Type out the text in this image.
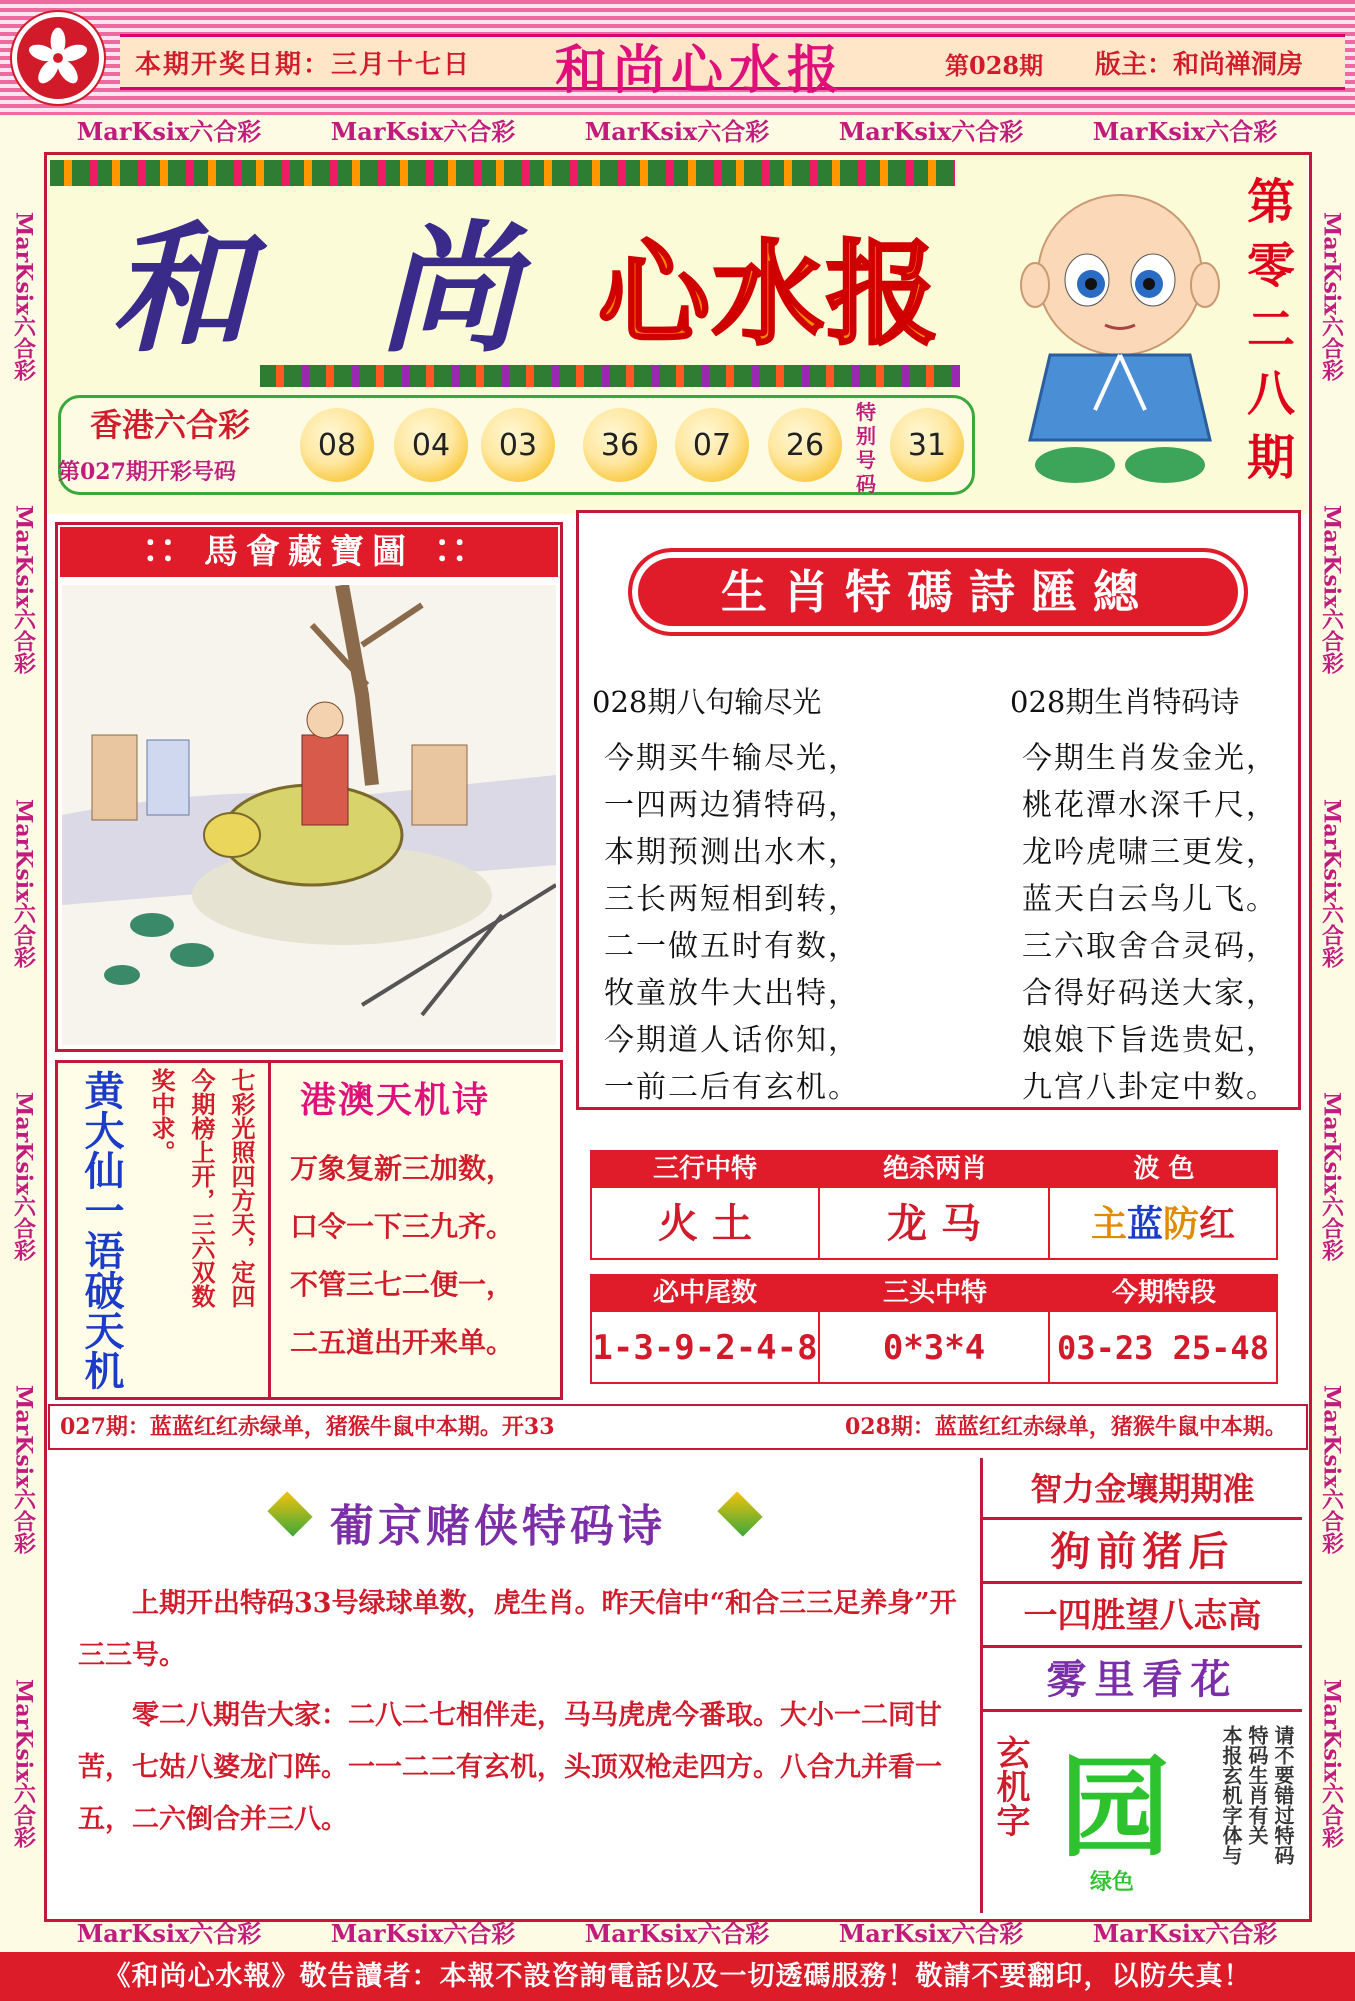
本期开奖日期：三月十七日 和尚心水报	第028期 版主：和尚禅洞房
MarKsix六合彩	MarKsix六合彩	MarKsix六合彩	MarKsix六合彩	MarKsix六合彩
MarKsix六合彩
MarKsix六合彩
MarKsix六合彩
MarKsix六合彩
MarKsix六合彩
MarKsix六合彩
MarKsix六合彩
MarKsix六合彩
MarKsix六合彩
MarKsix六合彩
MarKsix六合彩
MarKsix六合彩
和 尚 心水报
第零二八期
香港六合彩
第027期开彩号码
08	04	03	36	07	26
特别号码
31
∷ 馬會藏寶圖 ∷
生肖特碼詩匯總
028期八句输尽光
今期买牛输尽光，
一四两边猜特码，
本期预测出水木，
三长两短相到转，
二一做五时有数，
牧童放牛大出特，
今期道人话你知，
一前二后有玄机。
028期生肖特码诗
今期生肖发金光，
桃花潭水深千尺，
龙吟虎啸三更发，
蓝天白云鸟儿飞。
三六取舍合灵码，
合得好码送大家，
娘娘下旨选贵妃，
九宫八卦定中数。
黄大仙一语破天机	七彩光照四方天，定四
今期榜上开，三六双数
奖中求。	港澳天机诗
万象复新三加数，
口令一下三九齐。
不管三七二便一，
二五道出开来单。
三行中特	绝杀两肖	波 色
火 土	龙 马	主蓝防红
必中尾数	三头中特	今期特段
1-3-9-2-4-8	0*3*4	03-23 25-48
027期：蓝蓝红红赤绿单，猪猴牛鼠中本期。开33	028期：蓝蓝红红赤绿单，猪猴牛鼠中本期。
葡京赌侠特码诗

上期开出特码33号绿球单数，虎生肖。昨天信中“和合三三足养身”开三三号。

零二八期告大家：二八二七相伴走，马马虎虎今番取。大小一二同甘苦，七姑八婆龙门阵。一一二二有玄机，头顶双枪走四方。八合九并看一五，二六倒合并三八。

智力金壤期期准
狗前猪后
一四胜望八志高
雾里看花
玄机字 园
绿色
请不要错过特码
特码生肖有关
本报玄机字体与
MarKsix六合彩	MarKsix六合彩	MarKsix六合彩	MarKsix六合彩	MarKsix六合彩
《和尚心水報》敬告讀者：本報不設咨詢電話以及一切透碼服務！敬請不要翻印，以防失真！
